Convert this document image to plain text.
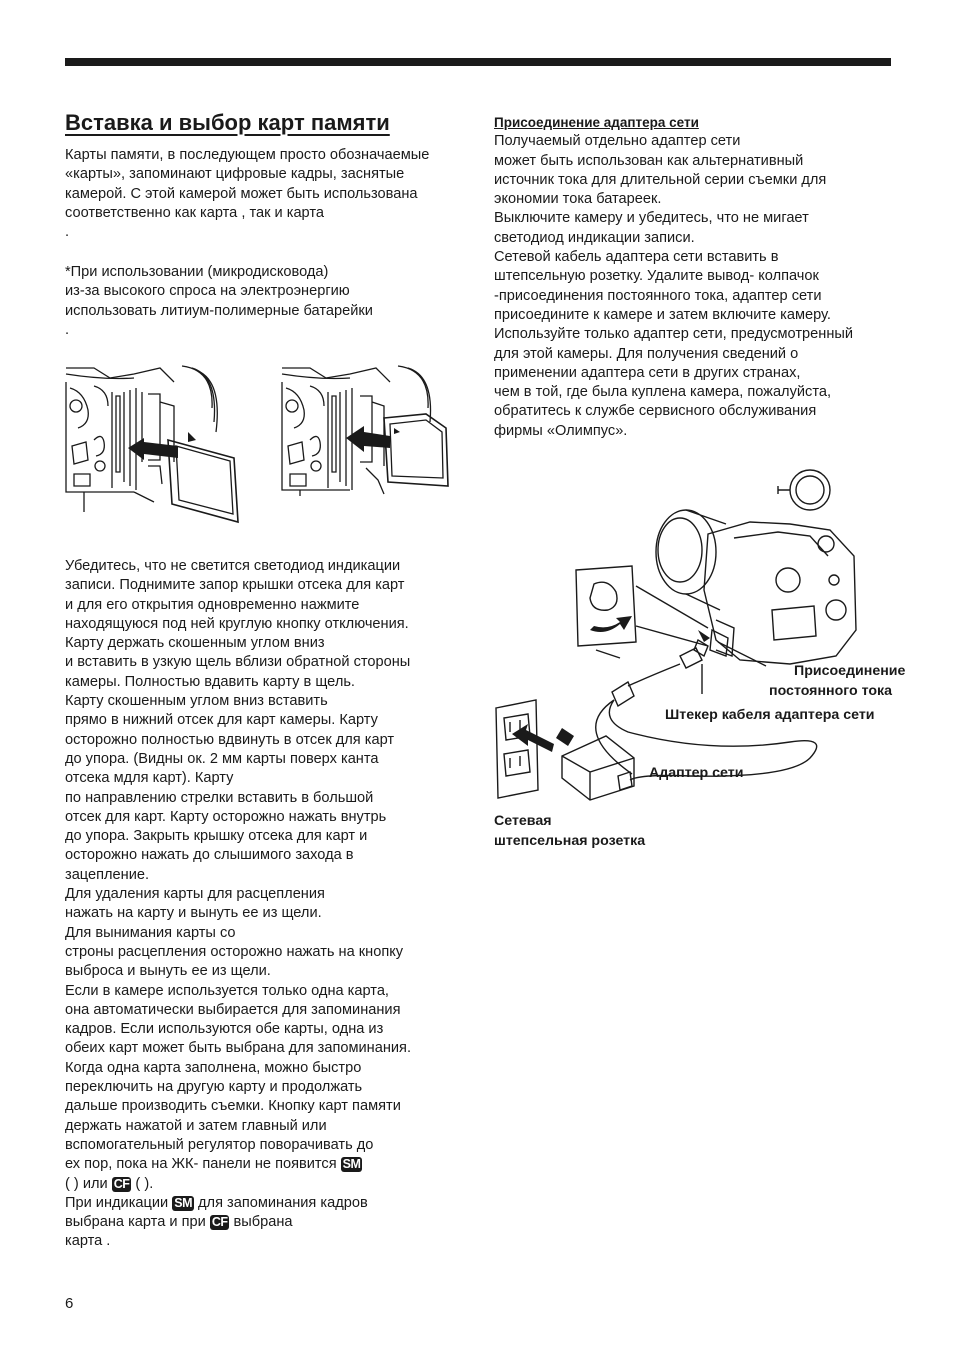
Вставка и выбор карт памяти

Карты памяти, в последующем просто обозначаемые

«карты», запоминают цифровые кадры, заснятые

камерой. С этой камерой может быть использована

соответственно как карта , так и карта

.

*При использовании (микродисковода)

из-за высокого спроса на электроэнергию

использовать литиум-полимерные батарейки

.

Убедитесь, что не светится светодиод индикации

записи. Поднимите запор крышки отсека для карт

и для его открытия одновременно нажмите

находящуюся под ней круглую кнопку отключения.

Карту держать скошенным углом вниз

и вставить в узкую щель вблизи обратной стороны

камеры. Полностью вдавить карту в щель.

Карту скошенным углом вниз вставить

прямо в нижний отсек для карт камеры. Карту

осторожно полностью вдвинуть в отсек для карт

до упора. (Видны ок. 2 мм карты поверх канта

отсека мдля карт). Карту

по направлению стрелки вставить в большой

отсек для карт. Карту осторожно нажать внутрь

до упора. Закрыть крышку отсека для карт и

осторожно нажать до слышимого захода в

зацепление.

Для удаления карты для расцепления

нажать на карту и вынуть ее из щели.

Для вынимания карты со

строны расцепления осторожно нажать на кнопку

выброса и вынуть ее из щели.

Если в камере используется только одна карта,

она автоматически выбирается для запоминания

кадров. Если используются обе карты, одна из

обеих карт может быть выбрана для запоминания.

Когда одна карта заполнена, можно быстро

переключить на другую карту и продолжать

дальше производить съемки. Кнопку карт памяти

держать нажатой и затем главный или

вспомогательный регулятор поворачивать до

ех пор, пока на ЖК- панели не появится SM

( ) или CF ( ).

При индикации SM для запоминания кадров

выбрана карта и при CF выбрана

карта .

Присоединение адаптера сети

Получаемый отдельно адаптер сети

может быть использован как альтернативный

источник тока для длительной серии съемки для

экономии тока батареек.

Выключите камеру и убедитесь, что не мигает

светодиод индикации записи.

Сетевой кабель адаптера сети вставить в

штепсельную розетку. Удалите вывод- колпачок

-присоединения постоянного тока, адаптер сети

присоедините к камере и затем включите камеру.

Используйте только адаптер сети, предусмотренный

для этой камеры. Для получения сведений о

применении адаптера сети в других странах,

чем в той, где была куплена камера, пожалуйста,

обратитесь к службе сервисного обслуживания

фирмы «Олимпус».

Присоединение
постоянного тока
Штекер кабеля адаптера сети
Адаптер сети
Сетевая
штепсельная розетка
6
